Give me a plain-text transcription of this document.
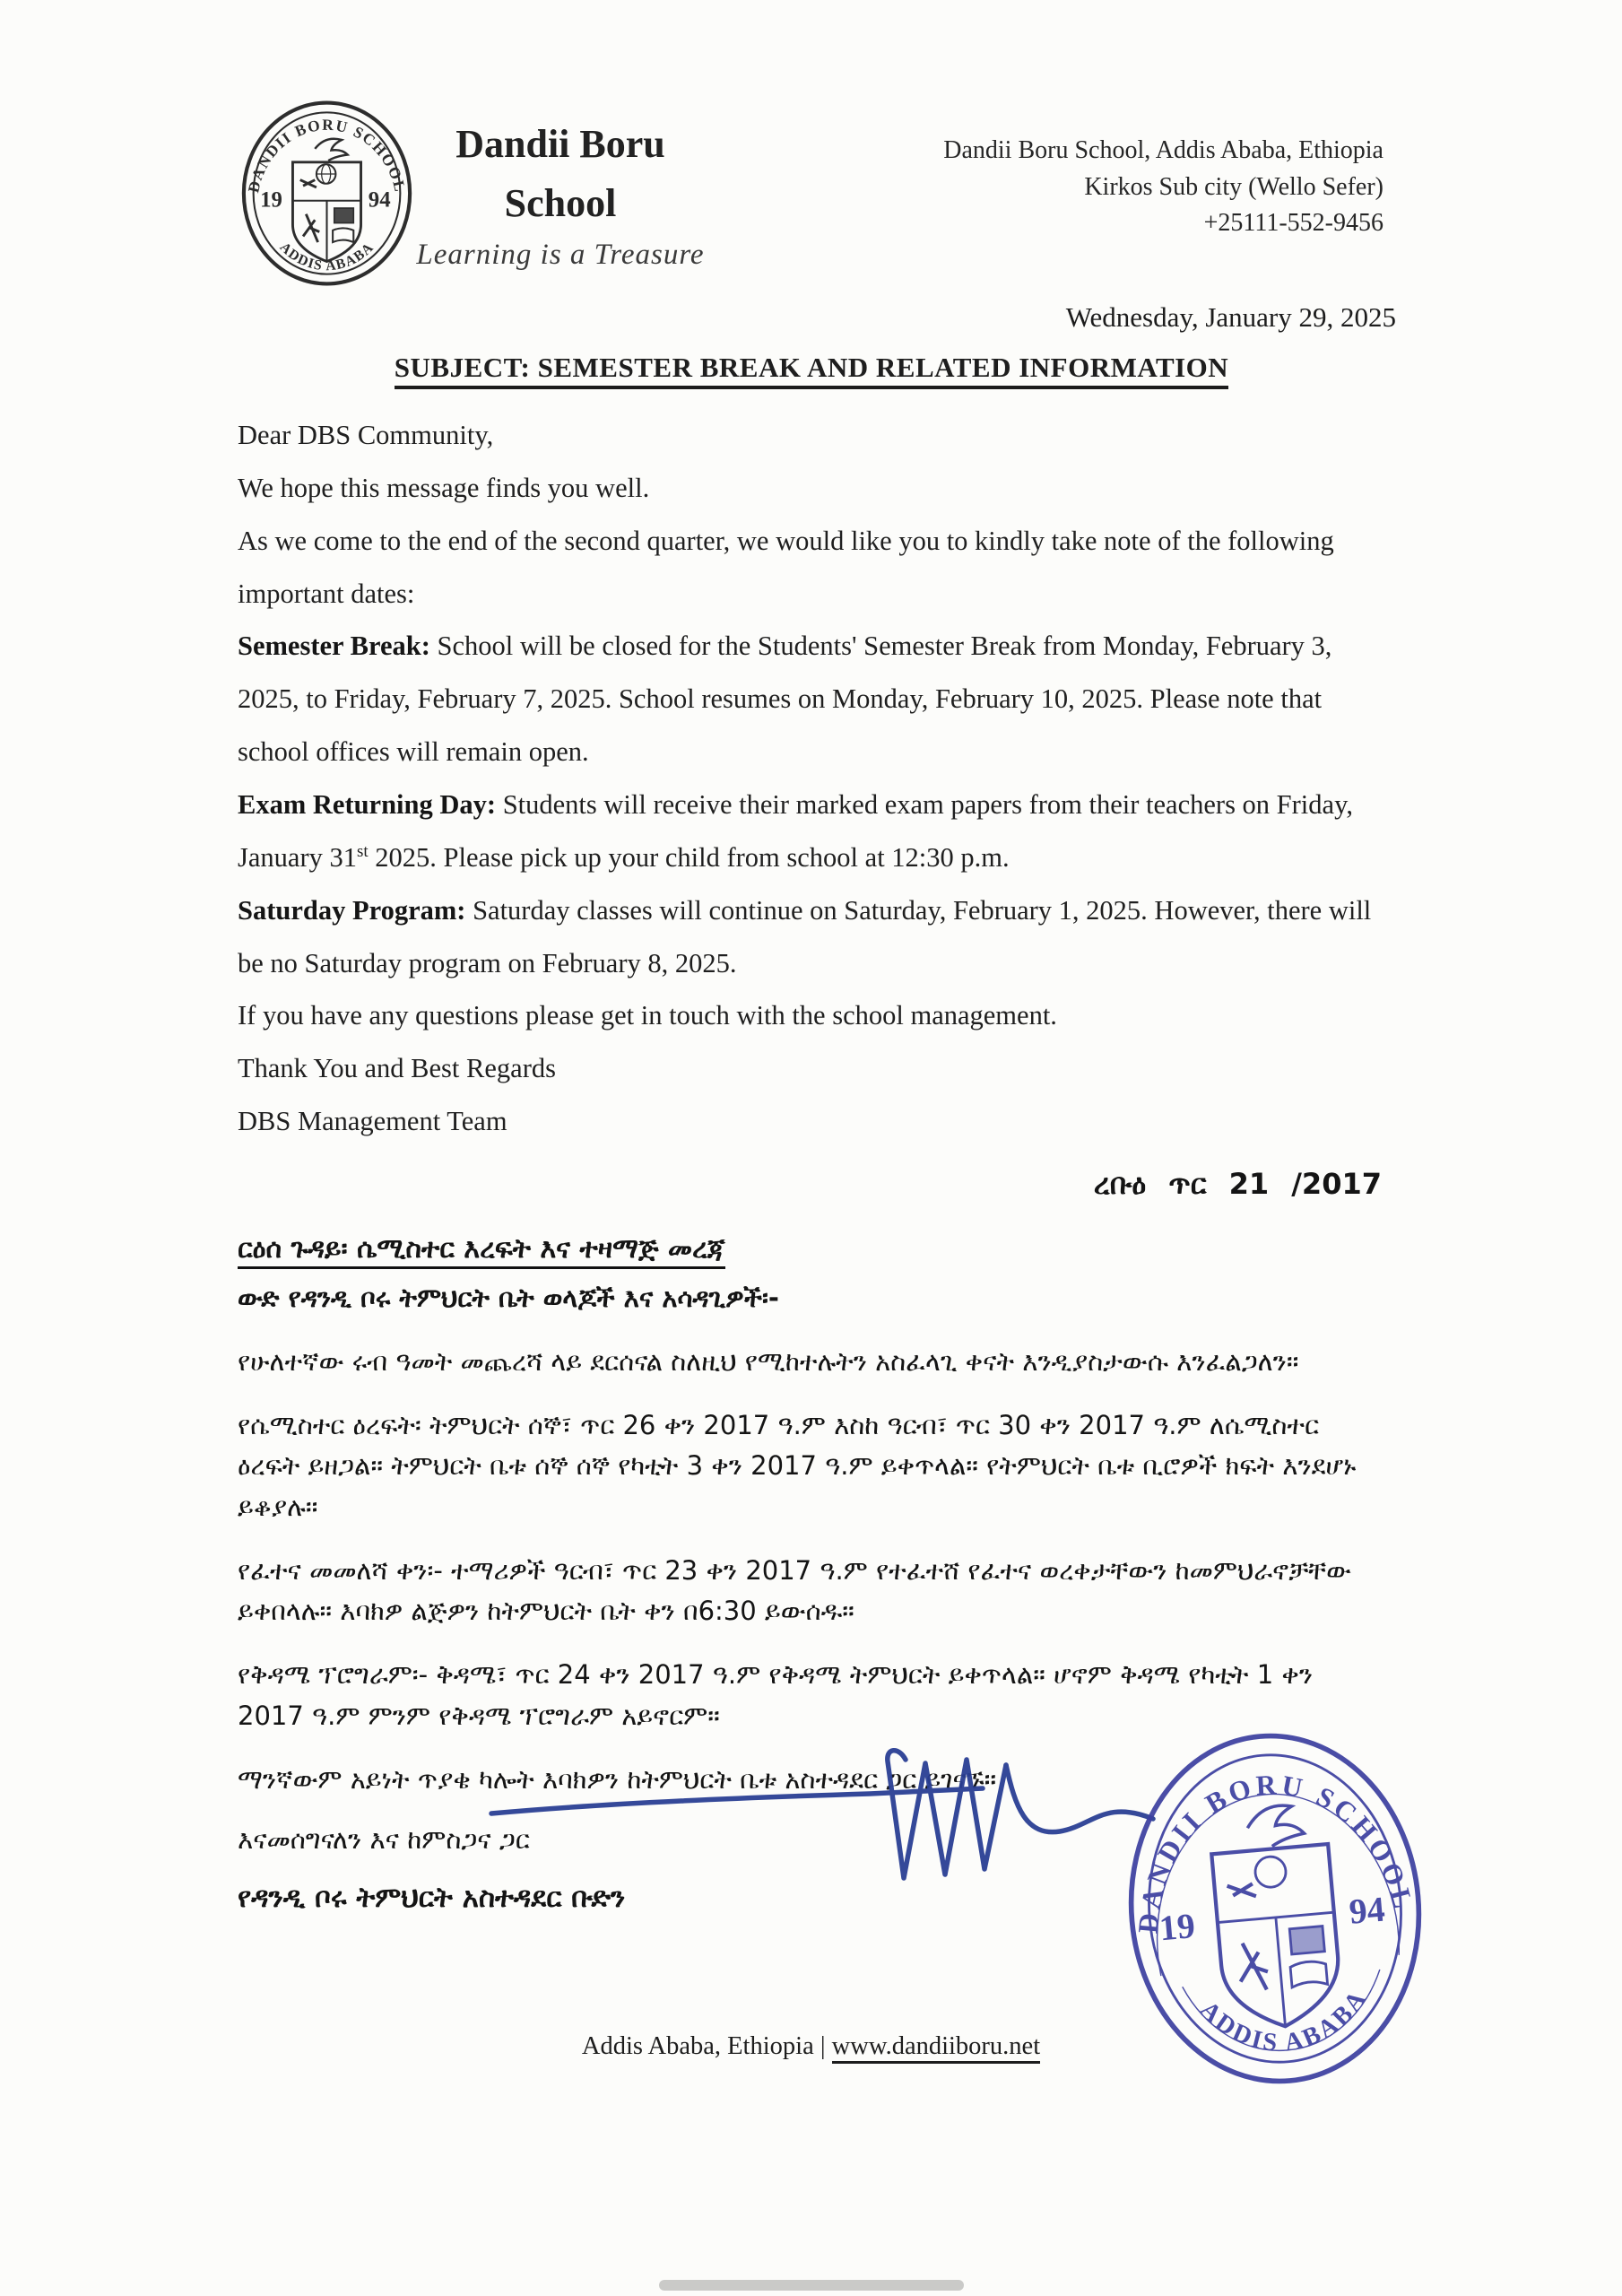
DANDII BORU SCHOOL
ADDIS ABABA
19	94
Dandii Boru
School
Learning is a Treasure
Dandii Boru School, Addis Ababa, Ethiopia
Kirkos Sub city (Wello Sefer)
+25111-552-9456
Wednesday, January 29, 2025
SUBJECT: SEMESTER BREAK AND RELATED INFORMATION

Dear DBS Community,

We hope this message finds you well.

As we come to the end of the second quarter, we would like you to kindly take note of the following important dates:

Semester Break: School will be closed for the Students' Semester Break from Monday, February 3, 2025, to Friday, February 7, 2025. School resumes on Monday, February 10, 2025. Please note that school offices will remain open.

Exam Returning Day: Students will receive their marked exam papers from their teachers on Friday, January 31st 2025. Please pick up your child from school at 12:30 p.m.

Saturday Program: Saturday classes will continue on Saturday, February 1, 2025. However, there will be no Saturday program on February 8, 2025.

If you have any questions please get in touch with the school management.

Thank You and Best Regards

DBS Management Team

ረቡዕ ጥር 21 /2017

ርዕሰ ጉዳይ፡ ሴሚስተር እረፍት እና ተዛማጅ መረጃ

ውድ የዳንዲ ቦሩ ትምህርት ቤት ወላጆች እና አሳዳጊዎች፡-

የሁለተኛው ሩብ ዓመት መጨረሻ ላይ ደርሰናል ስለዚህ የሚከተሉትን አስፈላጊ ቀናት እንዲያስታውሱ እንፈልጋለን።

የሴሚስተር ዕረፍት፡ ትምህርት ሰኞ፣ ጥር 26 ቀን 2017 ዓ.ም እስከ ዓርብ፣ ጥር 30 ቀን 2017 ዓ.ም ለሴሚስተር ዕረፍት ይዘጋል። ትምህርት ቤቱ ሰኞ ሰኞ የካቲት 3 ቀን 2017 ዓ.ም ይቀጥላል። የትምህርት ቤቱ ቢሮዎች ክፍት እንደሆኑ ይቆያሉ።

የፈተና መመለሻ ቀን፡- ተማሪዎች ዓርብ፣ ጥር 23 ቀን 2017 ዓ.ም የተፈተሸ የፈተና ወረቀታቸውን ከመምህራኖቻቸው ይቀበላሉ። እባክዎ ልጅዎን ከትምህርት ቤት ቀን በ6:30 ይውሰዱ።

የቅዳሜ ፕሮግራም፡- ቅዳሜ፣ ጥር 24 ቀን 2017 ዓ.ም የቅዳሜ ትምህርት ይቀጥላል። ሆኖም ቅዳሜ የካቲት 1 ቀን 2017 ዓ.ም ምንም የቅዳሜ ፕሮግራም አይኖርም።

ማንኛውም አይነት ጥያቄ ካሎት እባክዎን ከትምህርት ቤቱ አስተዳደር ጋር ይገናኙ።

እናመሰግናለን እና ከምስጋና ጋር

የዳንዲ ቦሩ ትምህርት አስተዳደር ቡድን

DANDII BORU SCHOOL
ADDIS ABABA
19	94
Addis Ababa, Ethiopia | www.dandiiboru.net
